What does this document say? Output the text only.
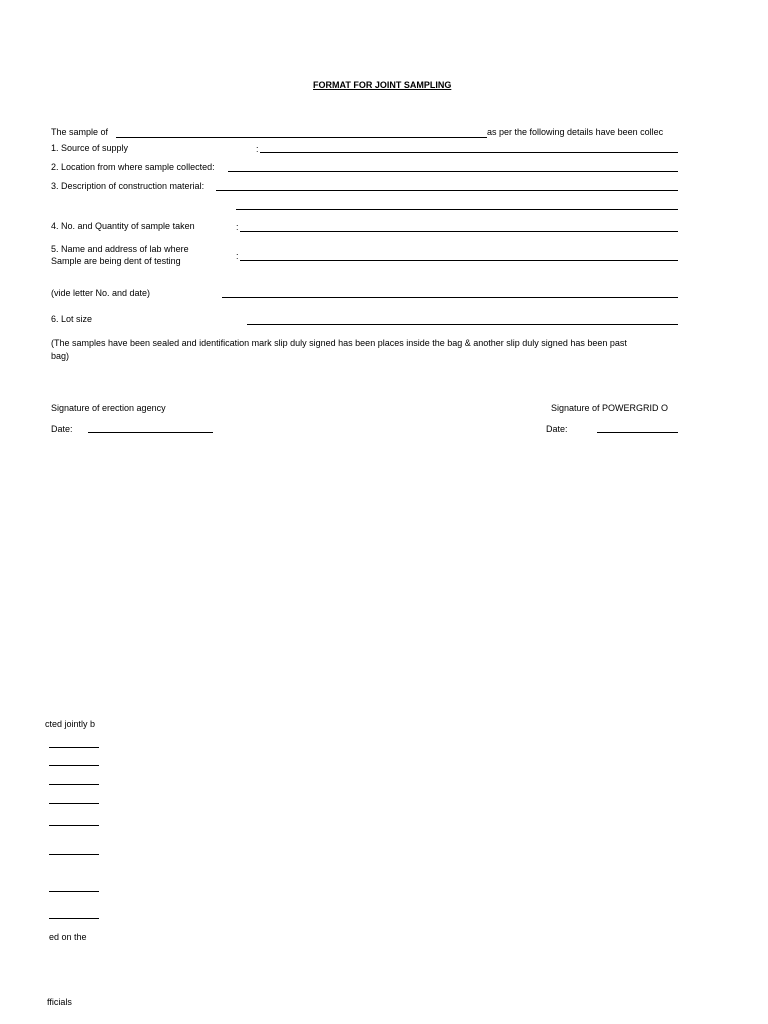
FORMAT FOR JOINT SAMPLING
The sample of	as per the following details have been collec
1. Source of supply	:
2. Location from where sample collected:
3. Description of construction material:
4. No. and Quantity of sample taken	:
5. Name and address of lab where
Sample are being dent of testing	:
(vide letter No. and date)
6. Lot size
(The samples have been sealed and identification mark slip duly signed has been places inside the bag & another slip duly signed has been past
bag)
Signature of erection agency	Signature of POWERGRID O
Date:	Date:
cted jointly b
ed on the
fficials
